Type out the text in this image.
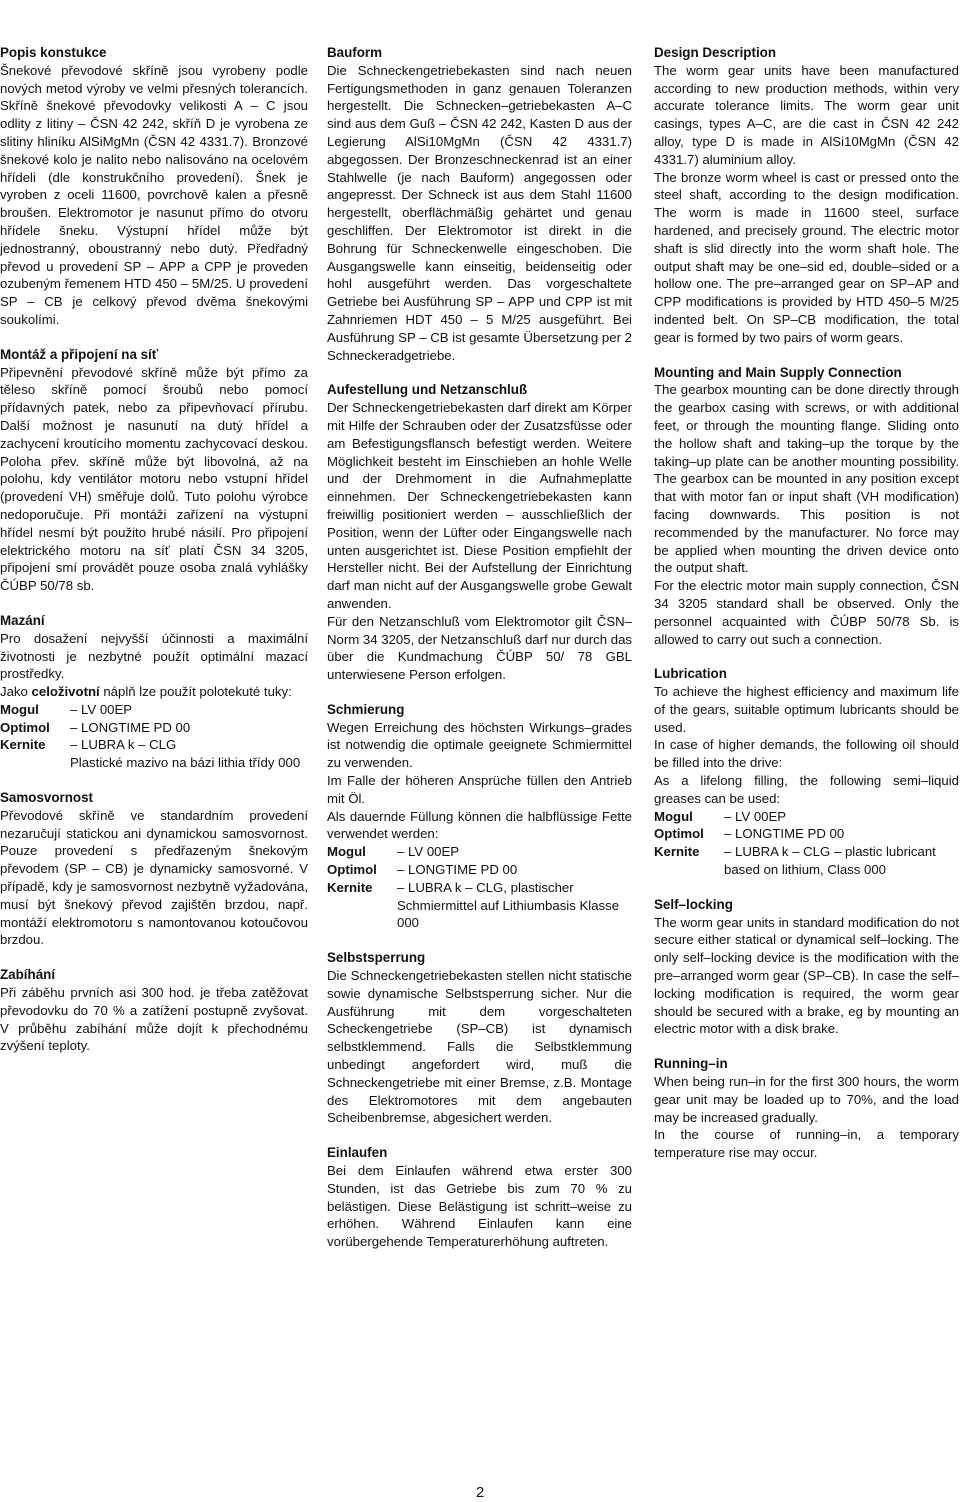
Popis konstukce

Šnekové převodové skříně jsou vyrobeny podle nových metod výroby ve velmi přesných tolerancích. Skříně šnekové převodovky velikosti A – C jsou odlity z litiny – ČSN 42 242, skříň D je vyrobena ze slitiny hliníku AlSiMgMn (ČSN 42 4331.7). Bronzové šnekové kolo je nalito nebo nalisováno na ocelovém hřídeli (dle konstrukčního provedení). Šnek je vyroben z oceli 11600, povrchově kalen a přesně broušen. Elektromotor je nasunut přímo do otvoru hřídele šneku. Výstupní hřídel může být jednostranný, oboustranný nebo dutý. Předřadný převod u provedení SP – APP a CPP je proveden ozubeným řemenem HTD 450 – 5M/25. U provedení SP – CB je celkový převod dvěma šnekovými soukolími.

Montáž a připojení na síť

Připevnění převodové skříně může být přímo za těleso skříně pomocí šroubů nebo pomocí přídavných patek, nebo za připevňovací přírubu. Další možnost je nasunutí na dutý hřídel a zachycení kroutícího momentu zachycovací deskou. Poloha přev. skříně může být libovolná, až na polohu, kdy ventilátor motoru nebo vstupní hřídel (provedení VH) směřuje dolů. Tuto polohu výrobce nedoporučuje. Při montáži zařízení na výstupní hřídel nesmí být použito hrubé násilí. Pro připojení elektrického motoru na síť platí ČSN 34 3205, připojení smí provádět pouze osoba znalá vyhlášky ČÚBP 50/78 sb.

Mazání

Pro dosažení nejvyšší účinnosti a maximální životnosti je nezbytné použít optimální mazací prostředky.

Jako celoživotní náplň lze použít polotekuté tuky:

Mogul	– LV 00EP
Optimol	– LONGTIME PD 00
Kernite	– LUBRA k – CLG

Plastické mazivo na bázi lithia třídy 000

Samosvornost

Převodové skříně ve standardním provedení nezaručují statickou ani dynamickou samosvornost. Pouze provedení s předřazeným šnekovým převodem (SP – CB) je dynamicky samosvorné. V případě, kdy je samosvornost nezbytně vyžadována, musí být šnekový převod zajištěn brzdou, např. montáží elektromotoru s namontovanou kotoučovou brzdou.

Zabíhání

Při záběhu prvních asi 300 hod. je třeba zatěžovat převodovku do 70 % a zatížení postupně zvyšovat. V průběhu zabíhání může dojít k přechodnému zvýšení teploty.

Bauform

Die Schneckengetriebekasten sind nach neuen Fertigungsmethoden in ganz genauen Toleranzen hergestellt. Die Schnecken–getriebekasten A–C sind aus dem Guß – ČSN 42 242, Kasten D aus der Legierung AlSi10MgMn (ČSN 42 4331.7) abgegossen. Der Bronzeschneckenrad ist an einer Stahlwelle (je nach Bauform) angegossen oder angepresst. Der Schneck ist aus dem Stahl 11600 hergestellt, oberflächmäßig gehärtet und genau geschliffen. Der Elektromotor ist direkt in die Bohrung für Schneckenwelle eingeschoben. Die Ausgangswelle kann einseitig, beidenseitig oder hohl ausgeführt werden. Das vorgeschaltete Getriebe bei Ausführung SP – APP und CPP ist mit Zahnriemen HDT 450 – 5 M/25 ausgeführt. Bei Ausführung SP – CB ist gesamte Übersetzung per 2 Schneckeradgetriebe.

Aufestellung und Netzanschluß

Der Schneckengetriebekasten darf direkt am Körper mit Hilfe der Schrauben oder der Zusatzsfüsse oder am Befestigungsflansch befestigt werden. Weitere Möglichkeit besteht im Einschieben an hohle Welle und der Drehmoment in die Aufnahmeplatte einnehmen. Der Schneckengetriebekasten kann freiwillig positioniert werden – ausschließlich der Position, wenn der Lüfter oder Eingangswelle nach unten ausgerichtet ist. Diese Position empfiehlt der Hersteller nicht. Bei der Aufstellung der Einrichtung darf man nicht auf der Ausgangswelle grobe Gewalt anwenden.

Für den Netzanschluß vom Elektromotor gilt ČSN–Norm 34 3205, der Netzanschluß darf nur durch das über die Kundmachung ČÚBP 50/ 78 GBL unterwiesene Person erfolgen.

Schmierung

Wegen Erreichung des höchsten Wirkungs–grades ist notwendig die optimale geeignete Schmiermittel zu verwenden.

Im Falle der höheren Ansprüche füllen den Antrieb mit Öl.

Als dauernde Füllung können die halbflüssige Fette verwendet werden:

Mogul	– LV 00EP
Optimol	– LONGTIME PD 00
Kernite	– LUBRA k – CLG, plastischer Schmiermittel auf Lithiumbasis Klasse 000
Selbstsperrung

Die Schneckengetriebekasten stellen nicht statische sowie dynamische Selbstsperrung sicher. Nur die Ausführung mit dem vorgeschalteten Scheckengetriebe (SP–CB) ist dynamisch selbstklemmend. Falls die Selbstklemmung unbedingt angefordert wird, muß die Schneckengetriebe mit einer Bremse, z.B. Montage des Elektromotores mit dem angebauten Scheibenbremse, abgesichert werden.

Einlaufen

Bei dem Einlaufen während etwa erster 300 Stunden, ist das Getriebe bis zum 70 % zu belästigen. Diese Belästigung ist schritt–weise zu erhöhen. Während Einlaufen kann eine vorübergehende Temperaturerhöhung auftreten.

Design Description

The worm gear units have been manufactured according to new production methods, within very accurate tolerance limits. The worm gear unit casings, types A–C, are die cast in ČSN 42 242 alloy, type D is made in AlSi10MgMn (ČSN 42 4331.7) aluminium alloy.

The bronze worm wheel is cast or pressed onto the steel shaft, according to the design modification. The worm is made in 11600 steel, surface hardened, and precisely ground. The electric motor shaft is slid directly into the worm shaft hole. The output shaft may be one–sid ed, double–sided or a hollow one. The pre–arranged gear on SP–AP and CPP modifications is provided by HTD 450–5 M/25 indented belt. On SP–CB modification, the total gear is formed by two pairs of worm gears.

Mounting and Main Supply Connection

The gearbox mounting can be done directly through the gearbox casing with screws, or with additional feet, or through the mounting flange. Sliding onto the hollow shaft and taking–up the torque by the taking–up plate can be another mounting possibility. The gearbox can be mounted in any position except that with motor fan or input shaft (VH modification) facing downwards. This position is not recommended by the manufacturer. No force may be applied when mounting the driven device onto the output shaft.

For the electric motor main supply connection, ČSN 34 3205 standard shall be observed. Only the personnel acquainted with ČÚBP 50/78 Sb. is allowed to carry out such a connection.

Lubrication

To achieve the highest efficiency and maximum life of the gears, suitable optimum lubricants should be used.

In case of higher demands, the following oil should be filled into the drive:

As a lifelong filling, the following semi–liquid greases can be used:

Mogul	– LV 00EP
Optimol	– LONGTIME PD 00
Kernite	– LUBRA k – CLG – plastic lubricant based on lithium, Class 000
Self–locking

The worm gear units in standard modification do not secure either statical or dynamical self–locking. The only self–locking device is the modification with the pre–arranged worm gear (SP–CB). In case the self–locking modification is required, the worm gear should be secured with a brake, eg by mounting an electric motor with a disk brake.

Running–in

When being run–in for the first 300 hours, the worm gear unit may be loaded up to 70%, and the load may be increased gradually.

In the course of running–in, a temporary temperature rise may occur.

2
